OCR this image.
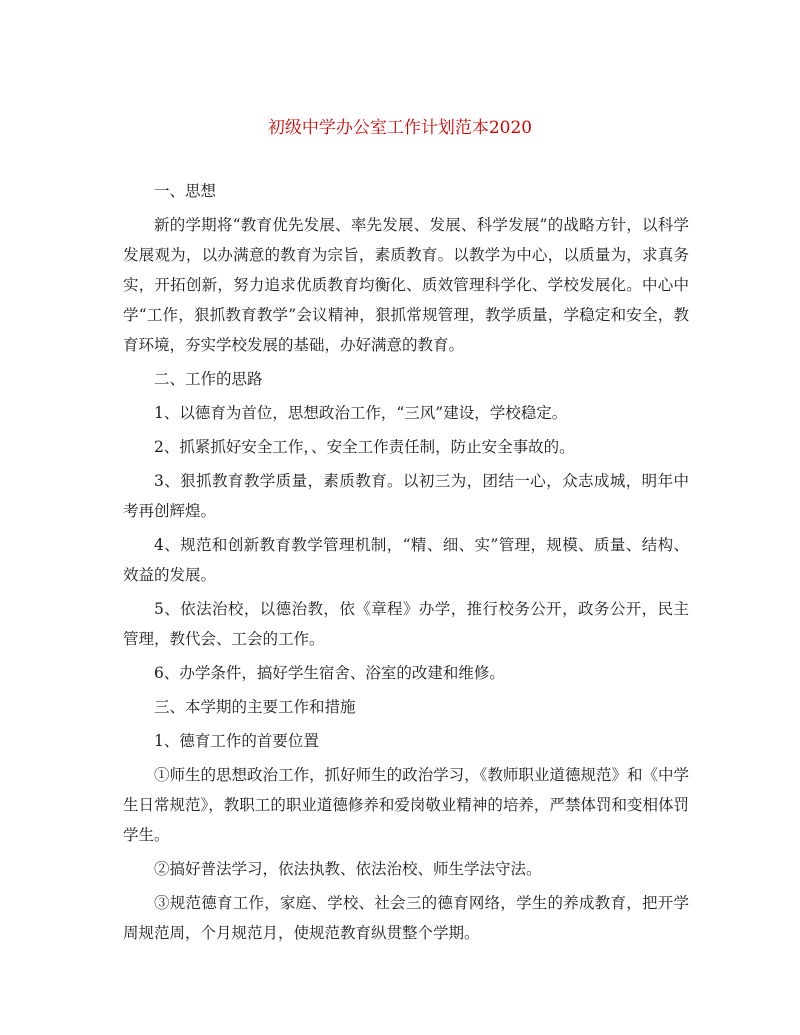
初级中学办公室工作计划范本2020

一、思想

新的学期将“教育优先发展、率先发展、发展、科学发展”的战略方针，以科学发展观为，以办满意的教育为宗旨，素质教育。以教学为中心，以质量为，求真务实，开拓创新，努力追求优质教育均衡化、质效管理科学化、学校发展化。中心中学“工作，狠抓教育教学”会议精神，狠抓常规管理，教学质量，学稳定和安全，教育环境，夯实学校发展的基础，办好满意的教育。

二、工作的思路

1、以德育为首位，思想政治工作，“三风”建设，学校稳定。

2、抓紧抓好安全工作，、安全工作责任制，防止安全事故的。

3、狠抓教育教学质量，素质教育。以初三为，团结一心，众志成城，明年中考再创辉煌。

4、规范和创新教育教学管理机制，“精、细、实”管理，规模、质量、结构、效益的发展。

5、依法治校，以德治教，依《章程》办学，推行校务公开，政务公开，民主管理，教代会、工会的工作。

6、办学条件，搞好学生宿舍、浴室的改建和维修。

三、本学期的主要工作和措施

1、德育工作的首要位置

①师生的思想政治工作，抓好师生的政治学习，《教师职业道德规范》和《中学生日常规范》，教职工的职业道德修养和爱岗敬业精神的培养，严禁体罚和变相体罚学生。

②搞好普法学习，依法执教、依法治校、师生学法守法。

③规范德育工作，家庭、学校、社会三的德育网络，学生的养成教育，把开学周规范周，个月规范月，使规范教育纵贯整个学期。
